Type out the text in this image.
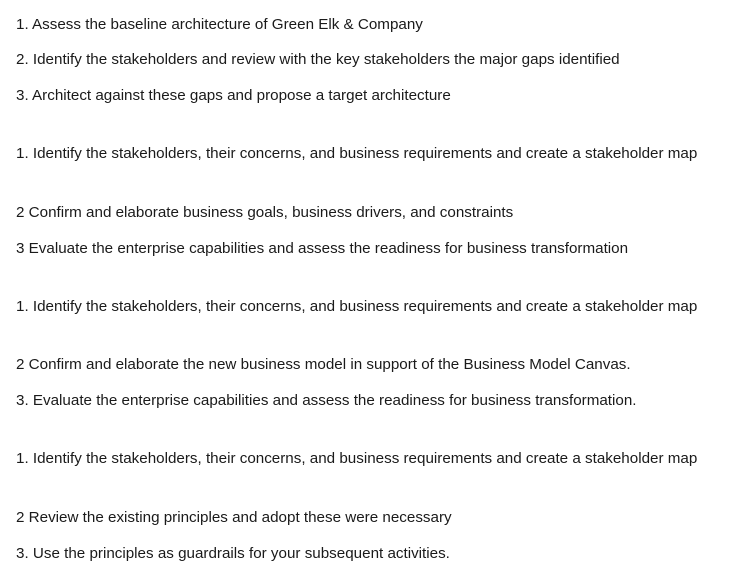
1. Assess the baseline architecture of Green Elk & Company
2. Identify the stakeholders and review with the key stakeholders the major gaps identified
3. Architect against these gaps and propose a target architecture
1. Identify the stakeholders, their concerns, and business requirements and create a stakeholder map
2 Confirm and elaborate business goals, business drivers, and constraints
3 Evaluate the enterprise capabilities and assess the readiness for business transformation
1. Identify the stakeholders, their concerns, and business requirements and create a stakeholder map
2 Confirm and elaborate the new business model in support of the Business Model Canvas.
3. Evaluate the enterprise capabilities and assess the readiness for business transformation.
1. Identify the stakeholders, their concerns, and business requirements and create a stakeholder map
2 Review the existing principles and adopt these were necessary
3. Use the principles as guardrails for your subsequent activities.
